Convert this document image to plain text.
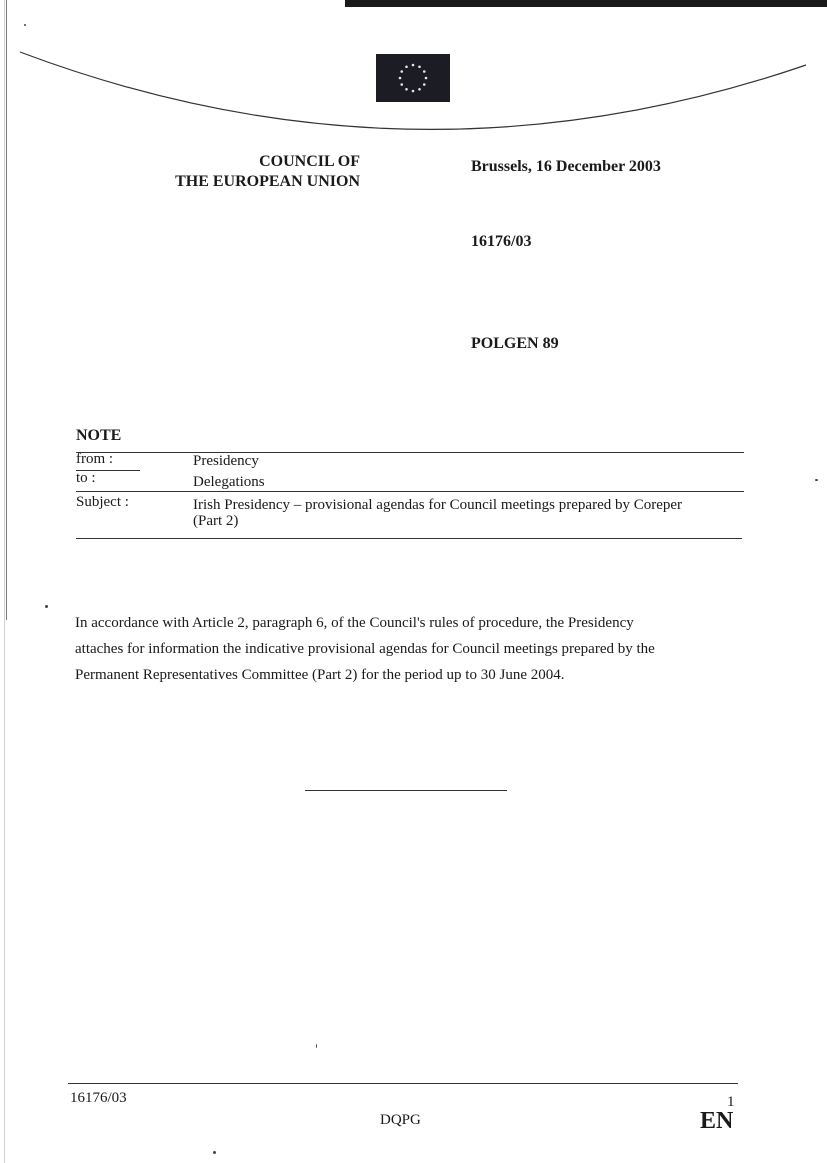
COUNCIL OF
THE EUROPEAN UNION
Brussels, 16 December 2003
16176/03
POLGEN 89
NOTE
from :	Presidency
to :	Delegations
Subject :	Irish Presidency – provisional agendas for Council meetings prepared by Coreper
(Part 2)
In accordance with Article 2, paragraph 6, of the Council's rules of procedure, the Presidency
attaches for information the indicative provisional agendas for Council meetings prepared by the
Permanent Representatives Committee (Part 2) for the period up to 30 June 2004.
16176/03
DQPG
1
EN
